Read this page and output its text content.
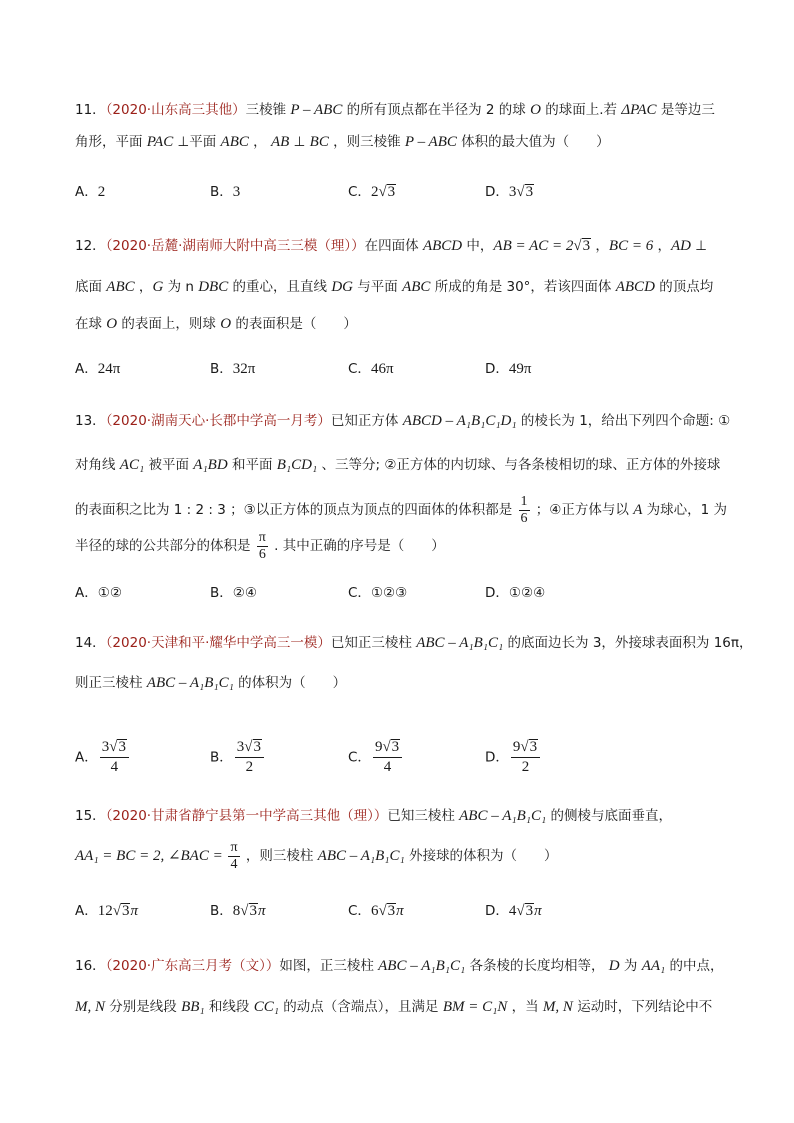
11．（2020·山东高三其他）三棱锥 P – ABC 的所有顶点都在半径为 2 的球 O 的球面上.若 ΔPAC 是等边三
角形，平面 PAC ⊥平面 ABC ， AB ⊥ BC ，则三棱锥 P – ABC 体积的最大值为（　　）
A．2	B．3	C．2√3	D．3√3
12．（2020·岳麓·湖南师大附中高三三模（理））在四面体 ABCD 中，AB = AC = 2√3 ，BC = 6 ，AD ⊥
底面 ABC ，G 为 n DBC 的重心，且直线 DG 与平面 ABC 所成的角是 30°，若该四面体 ABCD 的顶点均
在球 O 的表面上，则球 O 的表面积是（　　）
A．24π	B．32π	C．46π	D．49π
13．（2020·湖南天心·长郡中学高一月考）已知正方体 ABCD – A₁B₁C₁D₁ 的棱长为 1，给出下列四个命题: ①
对角线 AC₁ 被平面 A₁BD 和平面 B₁CD₁ 、三等分; ②正方体的内切球、与各条棱相切的球、正方体的外接球
的表面积之比为 1 : 2 : 3 ；③以正方体的顶点为顶点的四面体的体积都是 $\frac{1}{6}$ ；④正方体与以 A 为球心，1 为
半径的球的公共部分的体积是 $\frac{\pi}{6}$ . 其中正确的序号是（　　）
A．①②	B．②④	C．①②③	D．①②④
14．（2020·天津和平·耀华中学高三一模）已知正三棱柱 ABC – A₁B₁C₁ 的底面边长为 3，外接球表面积为 16π，
则正三棱柱 ABC – A₁B₁C₁ 的体积为（　　）
A． $\frac{3√3}{4}$	B． $\frac{3√3}{2}$	C． $\frac{9√3}{4}$	D． $\frac{9√3}{2}$
15．（2020·甘肃省静宁县第一中学高三其他（理））已知三棱柱 ABC – A₁B₁C₁ 的侧棱与底面垂直，
AA₁ = BC = 2, ∠BAC = $\frac{\pi}{4}$ ，则三棱柱 ABC – A₁B₁C₁ 外接球的体积为（　　）
A．12√3π	B．8√3π	C．6√3π	D．4√3π
16．（2020·广东高三月考（文））如图，正三棱柱 ABC – A₁B₁C₁ 各条棱的长度均相等， D 为 AA₁ 的中点，
M, N 分别是线段 BB₁ 和线段 CC₁ 的动点（含端点），且满足 BM = C₁N ，当 M, N 运动时，下列结论中不
